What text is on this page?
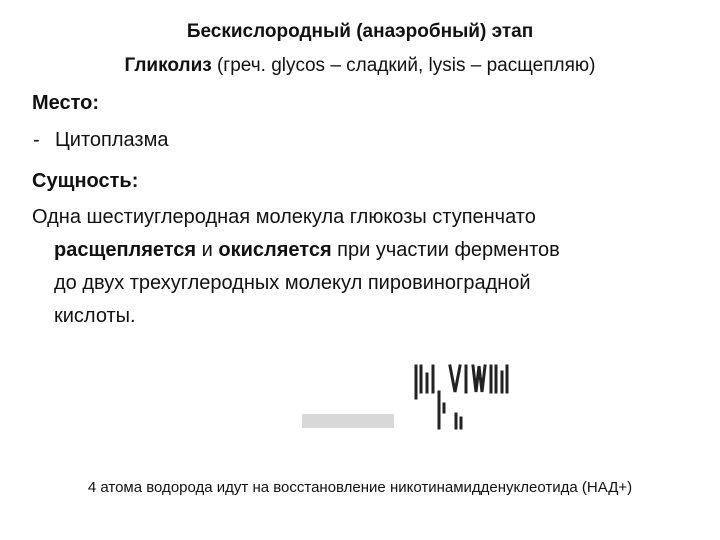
Бескислородный (анаэробный) этап
Гликолиз (греч. glycos – сладкий, lysis – расщепляю)
Место:
- Цитоплазма
Сущность:
Одна шестиуглеродная молекула глюкозы ступенчато
расщепляется и окисляется при участии ферментов
до двух трехуглеродных молекул пировиноградной
кислоты.
4 атома водорода идут на восстановление никотинамидденуклеотида (НАД+)
